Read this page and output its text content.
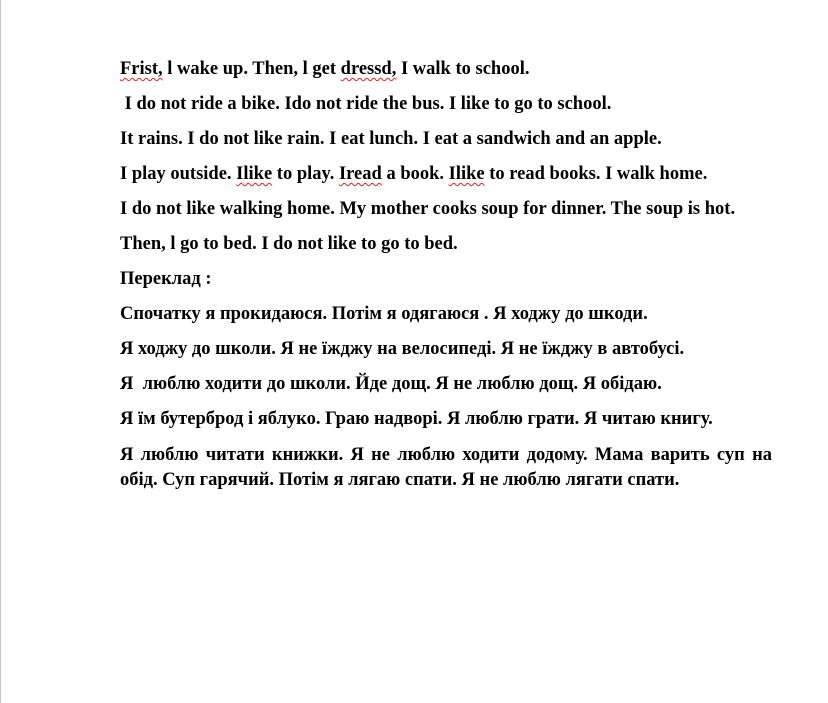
Frist, l wake up. Then, l get dressd, I walk to school.
I do not ride a bike. Ido not ride the bus. I like to go to school.
It rains. I do not like rain. I eat lunch. I eat a sandwich and an apple.
I play outside. Ilike to play. Iread a book. Ilike to read books. I walk home.
I do not like walking home. My mother cooks soup for dinner. The soup is hot.
Then, l go to bed. I do not like to go to bed.
Переклад :
Спочатку я прокидаюся. Потім я одягаюся . Я ходжу до шкоди.
Я ходжу до школи. Я не їжджу на велосипеді. Я не їжджу в автобусі.
Я  люблю ходити до школи. Йде дощ. Я не люблю дощ. Я обідаю.
Я їм бутерброд і яблуко. Граю надворі. Я люблю грати. Я читаю книгу.
Я люблю читати книжки. Я не люблю ходити додому. Мама варить суп на обід. Суп гарячий. Потім я лягаю спати. Я не люблю лягати спати.
